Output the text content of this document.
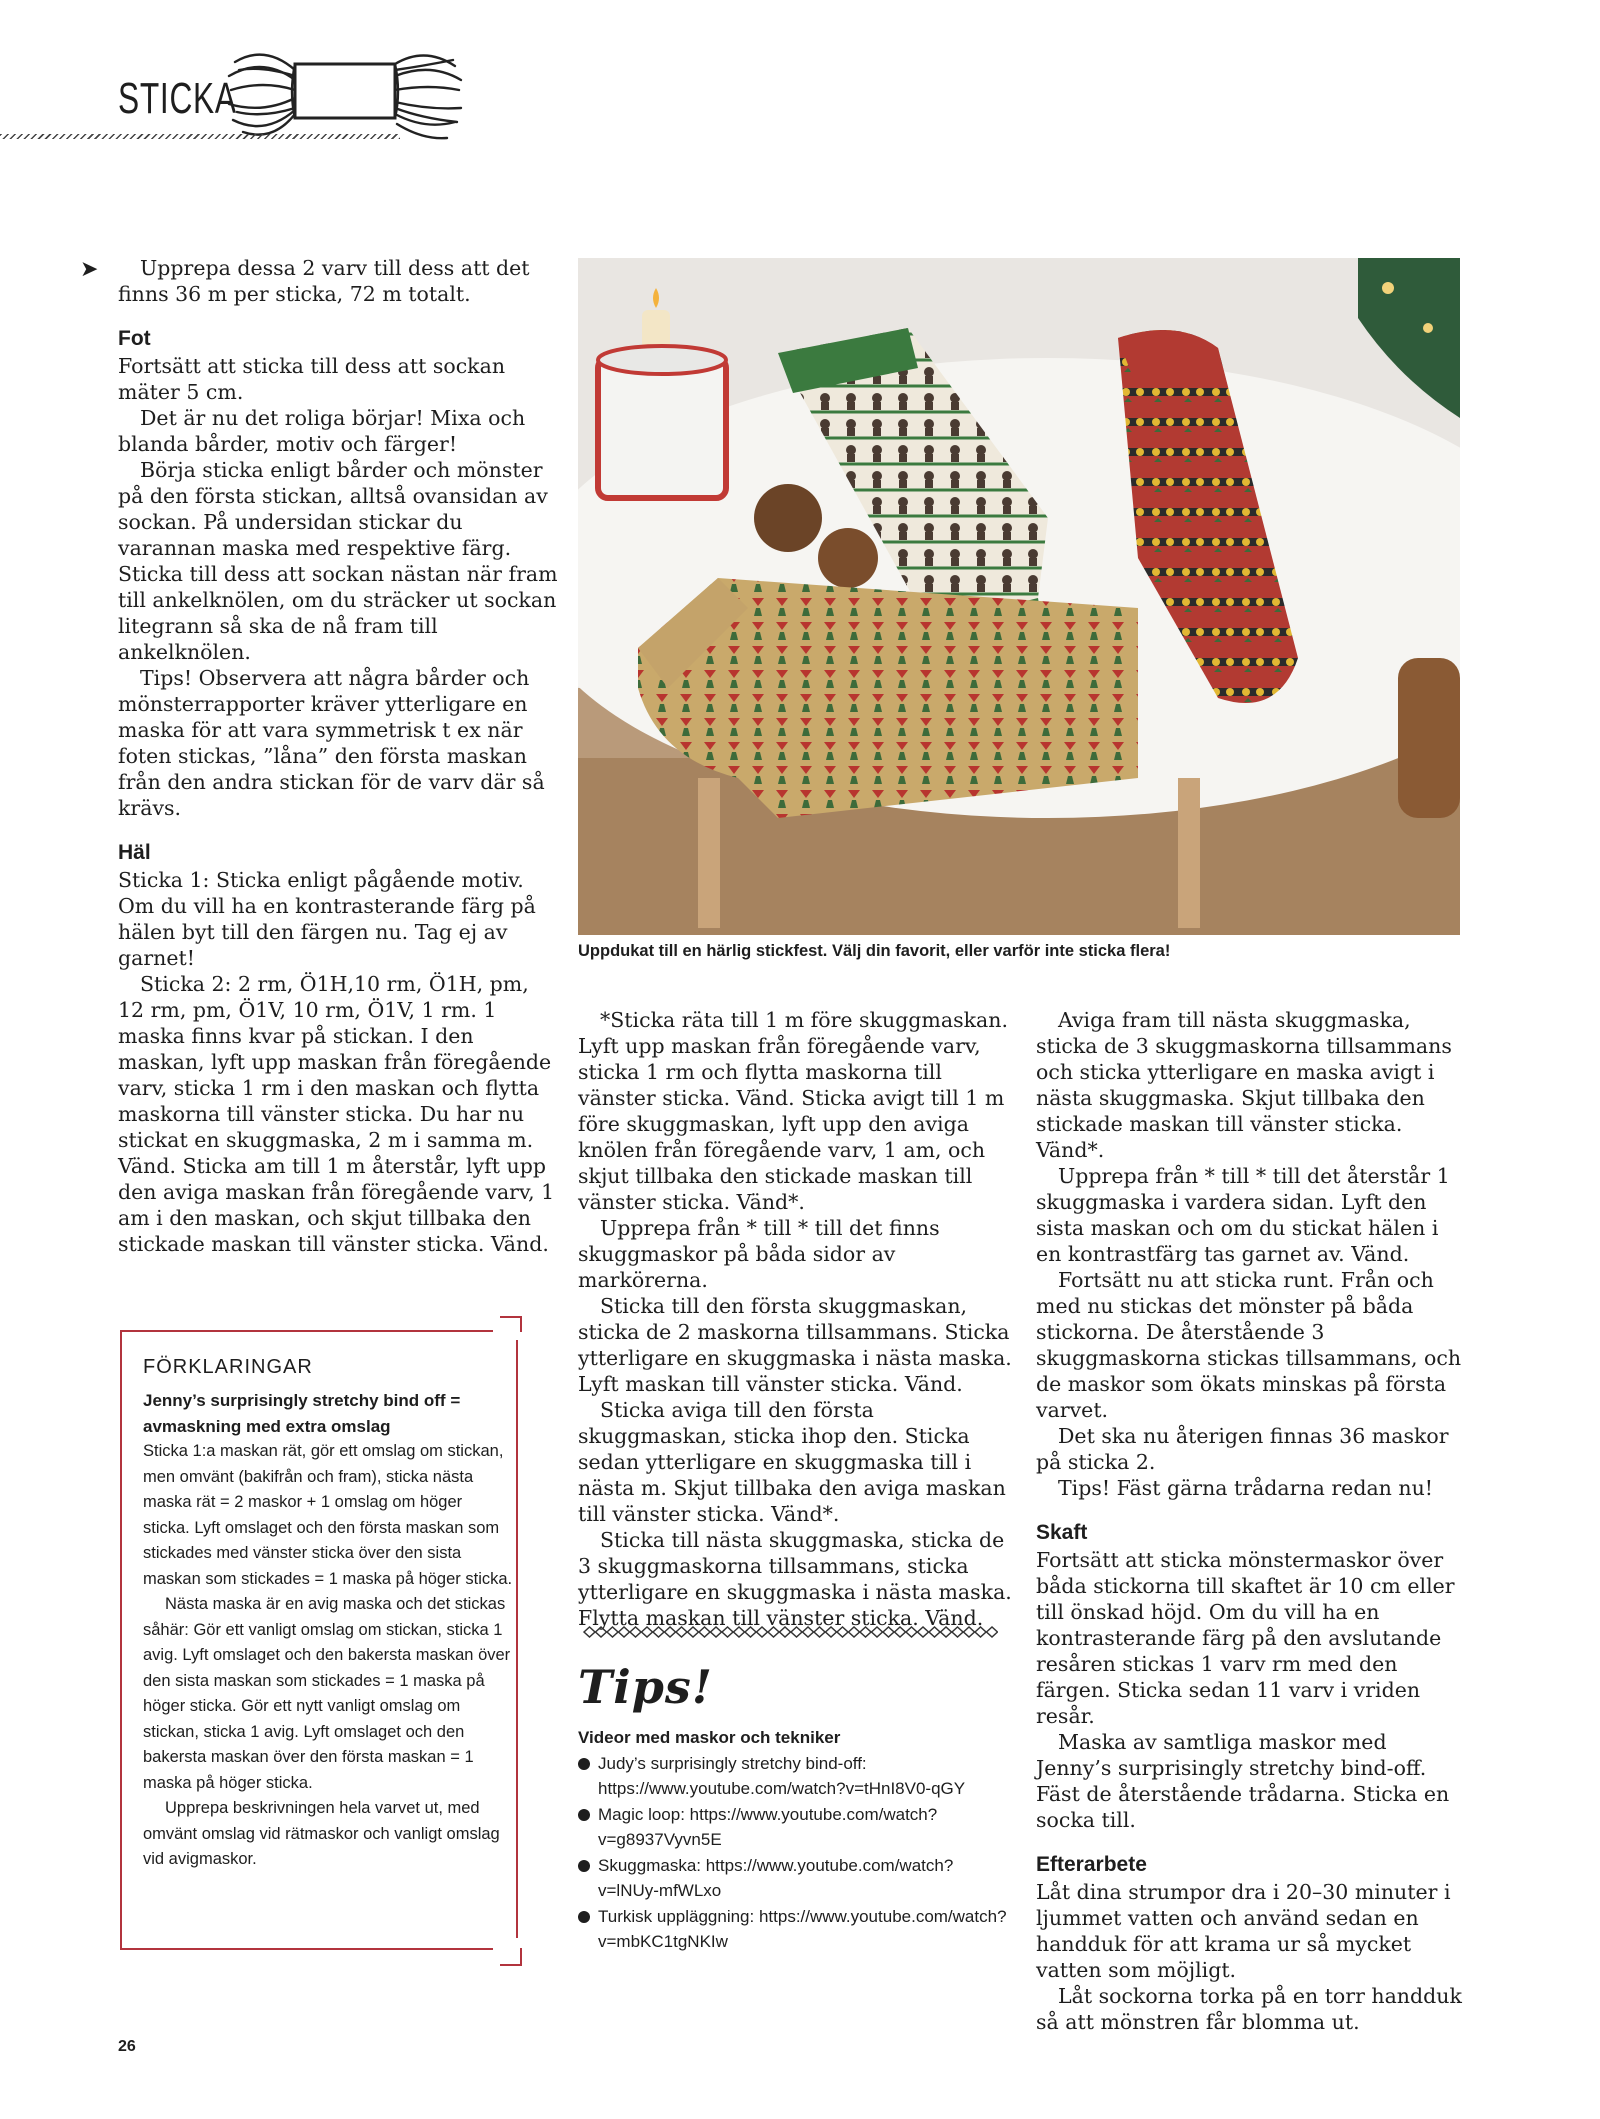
STICKA
➤	Upprepa dessa 2 varv till dess att det finns 36 m per sticka, 72 m totalt.

Fot

Fortsätt att sticka till dess att sockan mäter 5 cm.

Det är nu det roliga börjar! Mixa och blanda bårder, motiv och färger!

Börja sticka enligt bårder och mönster på den första stickan, alltså ovansidan av sockan. På undersidan stickar du varannan maska med respektive färg. Sticka till dess att sockan nästan när fram till ankelknölen, om du sträcker ut sockan litegrann så ska de nå fram till ankelknölen.

Tips! Observera att några bårder och mönsterrapporter kräver ytterligare en maska för att vara symmetrisk t ex när foten stickas, ”låna” den första maskan från den andra stickan för de varv där så krävs.

Häl

Sticka 1: Sticka enligt pågående motiv. Om du vill ha en kontrasterande färg på hälen byt till den färgen nu. Tag ej av garnet!

Sticka 2: 2 rm, Ö1H,10 rm, Ö1H, pm, 12 rm, pm, Ö1V, 10 rm, Ö1V, 1 rm. 1 maska finns kvar på stickan. I den maskan, lyft upp maskan från föregående varv, sticka 1 rm i den maskan och flytta maskorna till vänster sticka. Du har nu stickat en skuggmaska, 2 m i samma m. Vänd. Sticka am till 1 m återstår, lyft upp den aviga maskan från föregående varv, 1 am i den maskan, och skjut tillbaka den stickade maskan till vänster sticka. Vänd.

FÖRKLARINGAR

Jenny’s surprisingly stretchy bind off = avmaskning med extra omslag

Sticka 1:a maskan rät, gör ett omslag om stickan, men omvänt (bakifrån och fram), sticka nästa maska rät = 2 maskor + 1 omslag om höger sticka. Lyft omslaget och den första maskan som stickades med vänster sticka över den sista maskan som stickades = 1 maska på höger sticka.

Nästa maska är en avig maska och det stickas såhär: Gör ett vanligt omslag om stickan, sticka 1 avig. Lyft omslaget och den bakersta maskan över den sista maskan som stickades = 1 maska på höger sticka. Gör ett nytt vanligt omslag om stickan, sticka 1 avig. Lyft omslaget och den bakersta maskan över den första maskan = 1 maska på höger sticka.

Upprepa beskrivningen hela varvet ut, med omvänt omslag vid rätmaskor och vanligt omslag vid avigmaskor.

Uppdukat till en härlig stickfest. Välj din favorit, eller varför inte sticka flera!

*Sticka räta till 1 m före skuggmaskan. Lyft upp maskan från föregående varv, sticka 1 rm och flytta maskorna till vänster sticka. Vänd. Sticka avigt till 1 m före skuggmaskan, lyft upp den aviga knölen från föregående varv, 1 am, och skjut tillbaka den stickade maskan till vänster sticka. Vänd*.

Upprepa från * till * till det finns skuggmaskor på båda sidor av markörerna.

Sticka till den första skuggmaskan, sticka de 2 maskorna tillsammans. Sticka ytterligare en skuggmaska i nästa maska. Lyft maskan till vänster sticka. Vänd.

Sticka aviga till den första skuggmaskan, sticka ihop den. Sticka sedan ytterligare en skuggmaska till i nästa m. Skjut tillbaka den aviga maskan till vänster sticka. Vänd*.

Sticka till nästa skuggmaska, sticka de 3 skuggmaskorna tillsammans, sticka ytterligare en skuggmaska i nästa maska. Flytta maskan till vänster sticka. Vänd.

Tips!

Videor med maskor och tekniker

Judy’s surprisingly stretchy bind-off: https://www.youtube.com/watch?v=tHnI8V0-qGY
Magic loop: https://www.youtube.com/watch?v=g8937Vyvn5E
Skuggmaska: https://www.youtube.com/watch?v=lNUy-mfWLxo
Turkisk uppläggning: https://www.youtube.com/watch?v=mbKC1tgNKIw

Aviga fram till nästa skuggmaska, sticka de 3 skuggmaskorna tillsammans och sticka ytterligare en maska avigt i nästa skuggmaska. Skjut tillbaka den stickade maskan till vänster sticka. Vänd*.

Upprepa från * till * till det återstår 1 skuggmaska i vardera sidan. Lyft den sista maskan och om du stickat hälen i en kontrastfärg tas garnet av. Vänd.

Fortsätt nu att sticka runt. Från och med nu stickas det mönster på båda stickorna. De återstående 3 skuggmaskorna stickas tillsammans, och de maskor som ökats minskas på första varvet.

Det ska nu återigen finnas 36 maskor på sticka 2.

Tips! Fäst gärna trådarna redan nu!

Skaft

Fortsätt att sticka mönstermaskor över båda stickorna till skaftet är 10 cm eller till önskad höjd. Om du vill ha en kontrasterande färg på den avslutande resåren stickas 1 varv rm med den färgen. Sticka sedan 11 varv i vriden resår.

Maska av samtliga maskor med Jenny’s surprisingly stretchy bind-off. Fäst de återstående trådarna. Sticka en socka till.

Efterarbete

Låt dina strumpor dra i 20–30 minuter i ljummet vatten och använd sedan en handduk för att krama ur så mycket vatten som möjligt.

Låt sockorna torka på en torr handduk så att mönstren får blomma ut.

26
